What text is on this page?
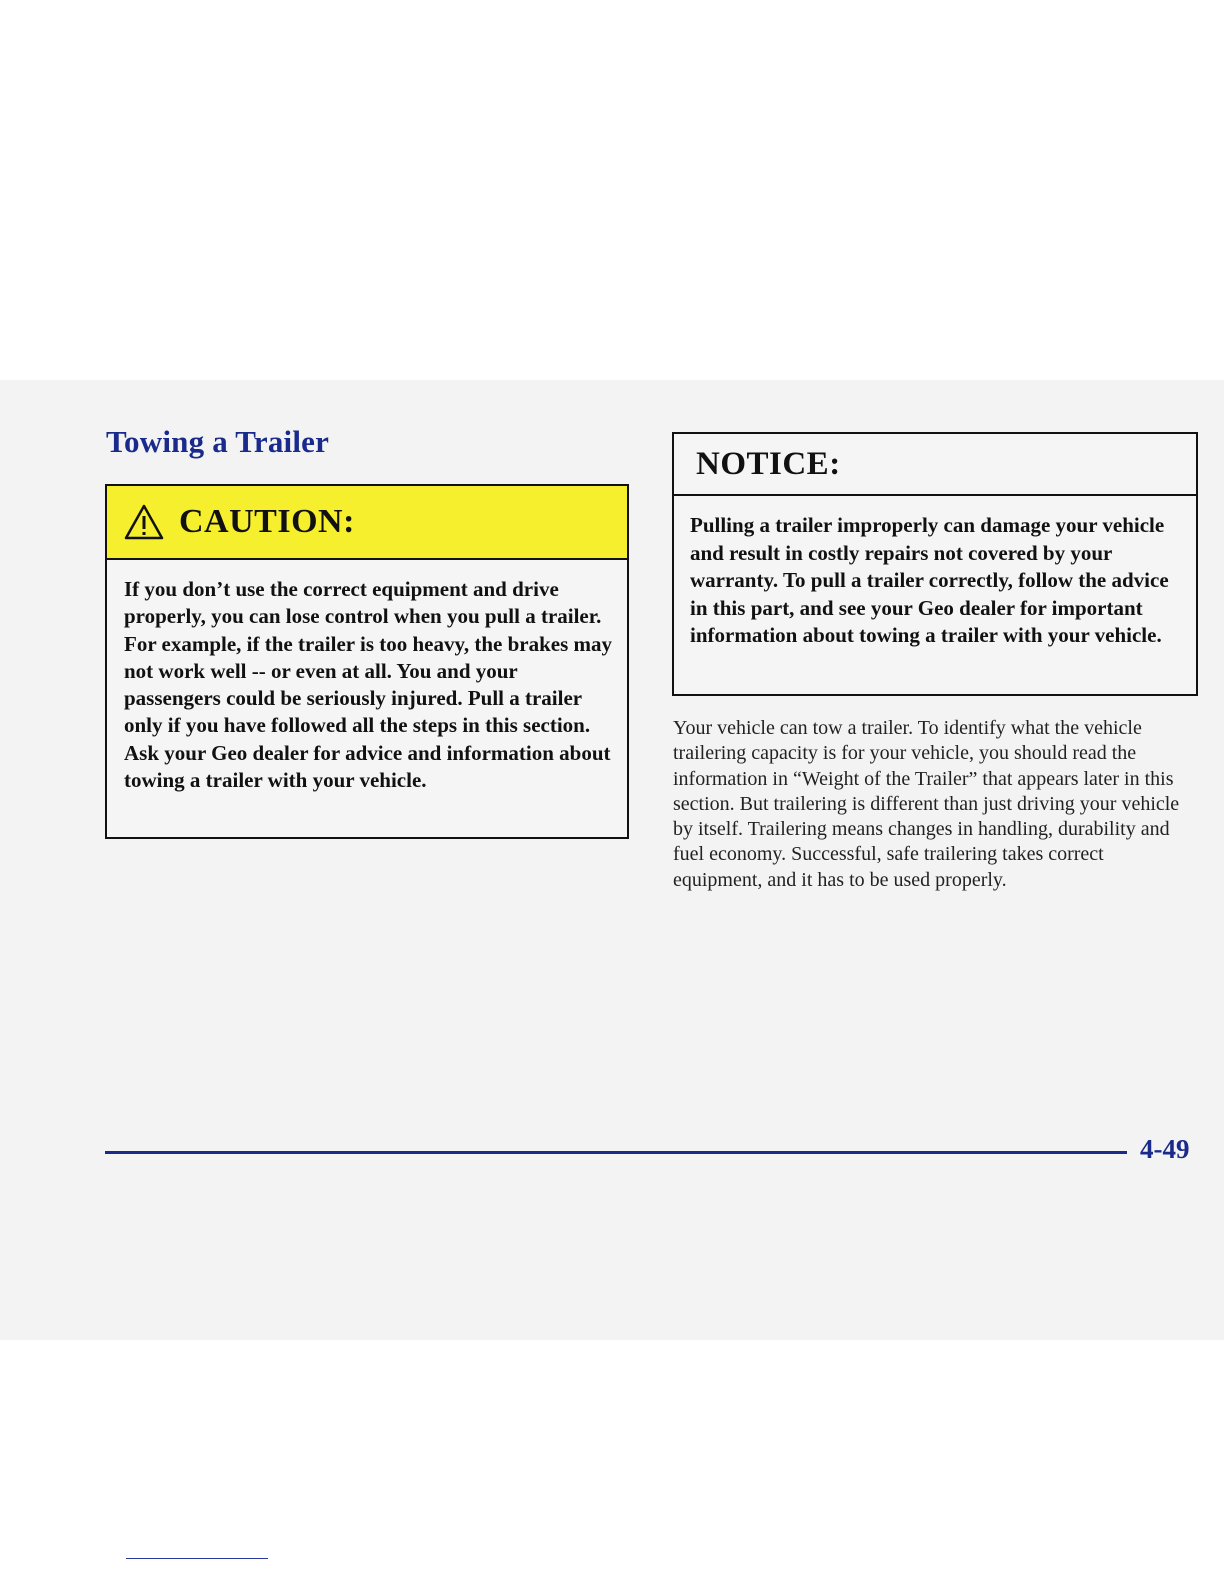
Towing a Trailer
CAUTION:

If you don’t use the correct equipment and drive properly, you can lose control when you pull a trailer. For example, if the trailer is too heavy, the brakes may not work well -- or even at all. You and your passengers could be seriously injured. Pull a trailer only if you have followed all the steps in this section. Ask your Geo dealer for advice and information about towing a trailer with your vehicle.

NOTICE:

Pulling a trailer improperly can damage your vehicle and result in costly repairs not covered by your warranty. To pull a trailer correctly, follow the advice in this part, and see your Geo dealer for important information about towing a trailer with your vehicle.

Your vehicle can tow a trailer. To identify what the vehicle trailering capacity is for your vehicle, you should read the information in “Weight of the Trailer” that appears later in this section. But trailering is different than just driving your vehicle by itself. Trailering means changes in handling, durability and fuel economy. Successful, safe trailering takes correct equipment, and it has to be used properly.

4-49
